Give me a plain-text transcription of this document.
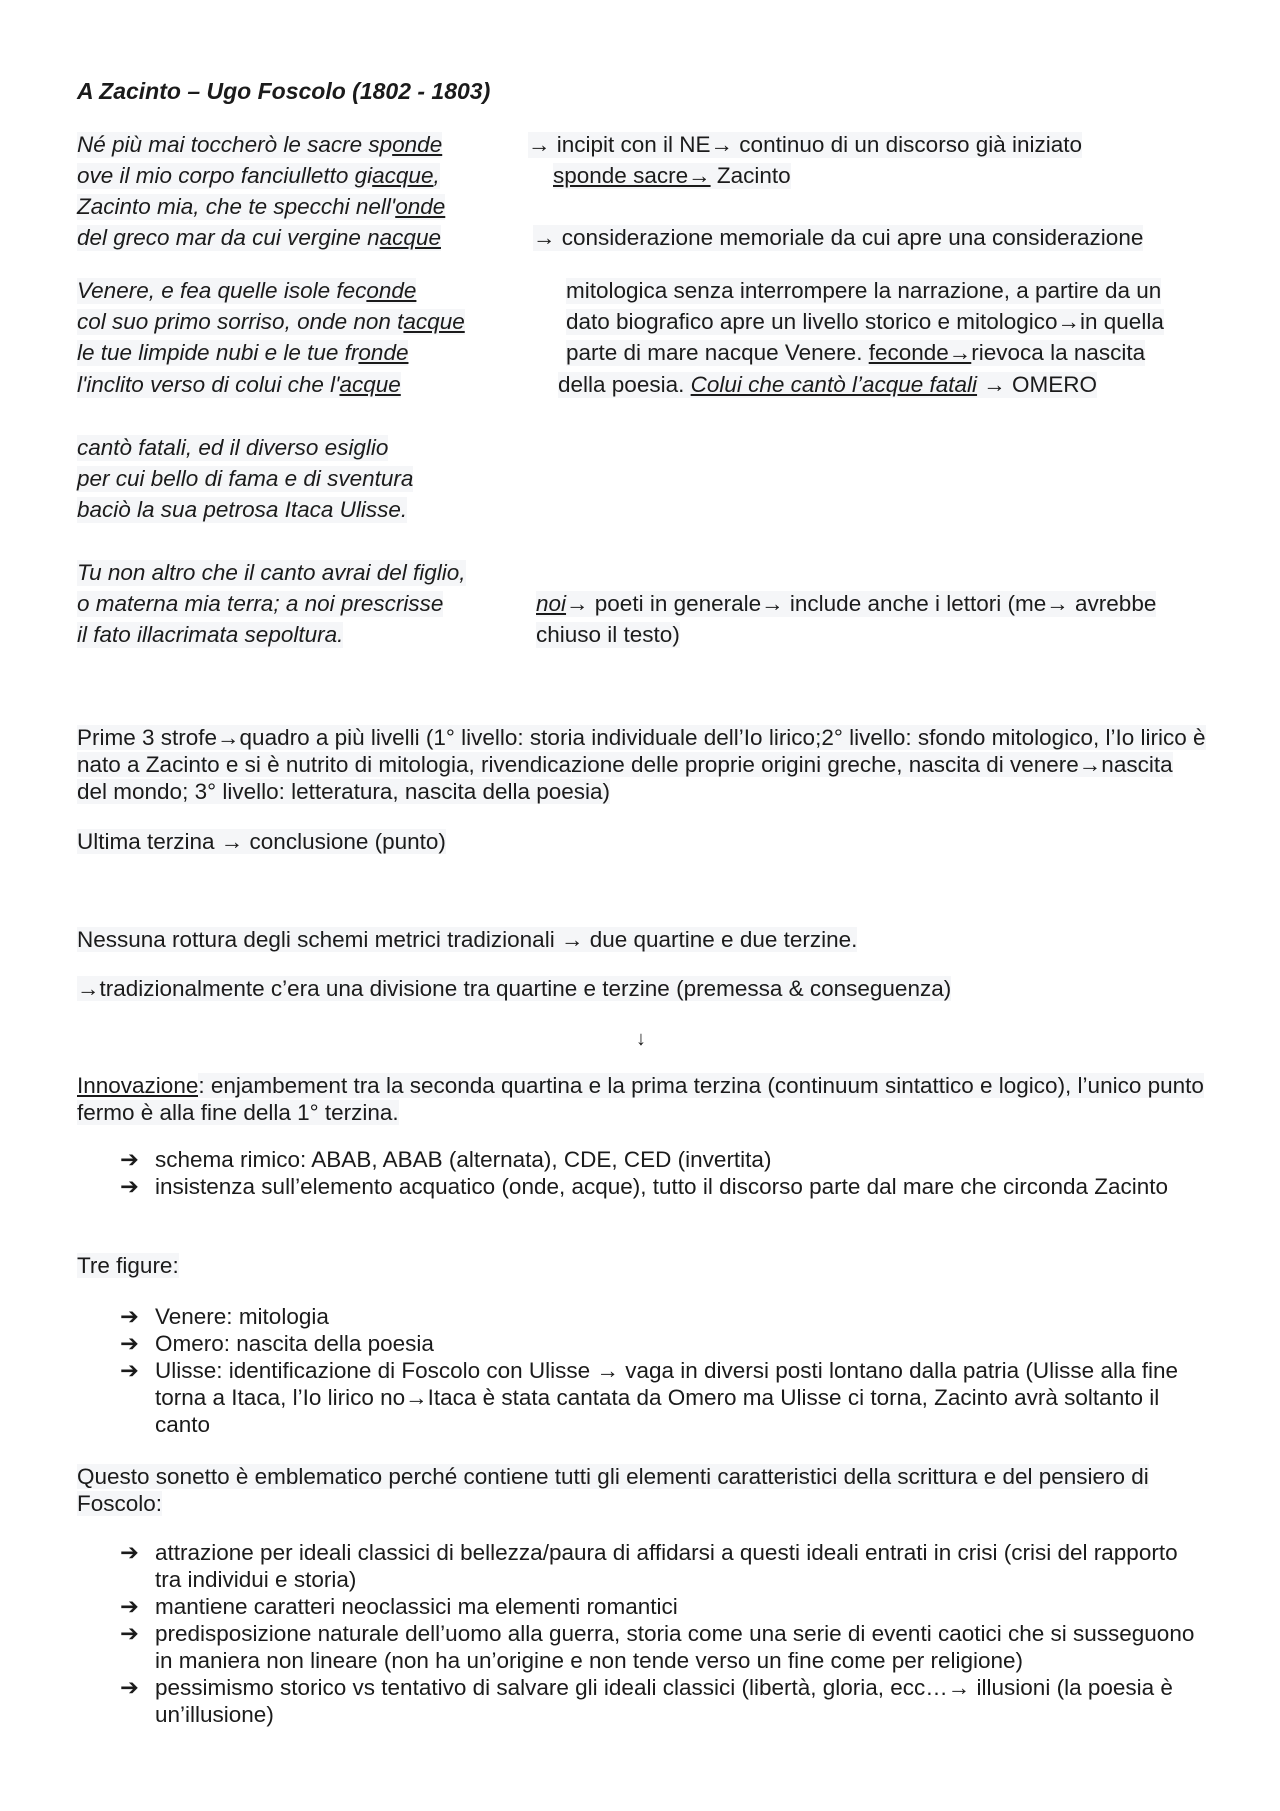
A Zacinto – Ugo Foscolo (1802 - 1803)
Né più mai toccherò le sacre sponde
ove il mio corpo fanciulletto giacque,
Zacinto mia, che te specchi nell'onde
del greco mar da cui vergine nacque
Venere, e fea quelle isole feconde
col suo primo sorriso, onde non tacque
le tue limpide nubi e le tue fronde
l'inclito verso di colui che l'acque
cantò fatali, ed il diverso esiglio
per cui bello di fama e di sventura
baciò la sua petrosa Itaca Ulisse.
Tu non altro che il canto avrai del figlio,
o materna mia terra; a noi prescrisse
il fato illacrimata sepoltura.
→ incipit con il NE→ continuo di un discorso già iniziato
sponde sacre→ Zacinto
→ considerazione memoriale da cui apre una considerazione
mitologica senza interrompere la narrazione, a partire da un
dato biografico apre un livello storico e mitologico→in quella
parte di mare nacque Venere. feconde→rievoca la nascita
della poesia. Colui che cantò l’acque fatali → OMERO
noi→ poeti in generale→ include anche i lettori (me→ avrebbe
chiuso il testo)
Prime 3 strofe→quadro a più livelli (1° livello: storia individuale dell’Io lirico;2° livello: sfondo mitologico, l’Io lirico è nato a Zacinto e si è nutrito di mitologia, rivendicazione delle proprie origini greche, nascita di venere→nascita del mondo; 3° livello: letteratura, nascita della poesia)
Ultima terzina → conclusione (punto)
Nessuna rottura degli schemi metrici tradizionali → due quartine e due terzine.
→tradizionalmente c’era una divisione tra quartine e terzine (premessa & conseguenza)
↓
Innovazione: enjambement tra la seconda quartina e la prima terzina (continuum sintattico e logico), l’unico punto fermo è alla fine della 1° terzina.
➔ schema rimico: ABAB, ABAB (alternata), CDE, CED (invertita)
➔ insistenza sull’elemento acquatico (onde, acque), tutto il discorso parte dal mare che circonda Zacinto
Tre figure:
➔ Venere: mitologia
➔ Omero: nascita della poesia
➔ Ulisse: identificazione di Foscolo con Ulisse → vaga in diversi posti lontano dalla patria (Ulisse alla fine torna a Itaca, l’Io lirico no→Itaca è stata cantata da Omero ma Ulisse ci torna, Zacinto avrà soltanto il canto
Questo sonetto è emblematico perché contiene tutti gli elementi caratteristici della scrittura e del pensiero di Foscolo:
➔ attrazione per ideali classici di bellezza/paura di affidarsi a questi ideali entrati in crisi (crisi del rapporto tra individui e storia)
➔ mantiene caratteri neoclassici ma elementi romantici
➔ predisposizione naturale dell’uomo alla guerra, storia come una serie di eventi caotici che si susseguono in maniera non lineare (non ha un’origine e non tende verso un fine come per religione)
➔ pessimismo storico vs tentativo di salvare gli ideali classici (libertà, gloria, ecc…→ illusioni (la poesia è un’illusione)
